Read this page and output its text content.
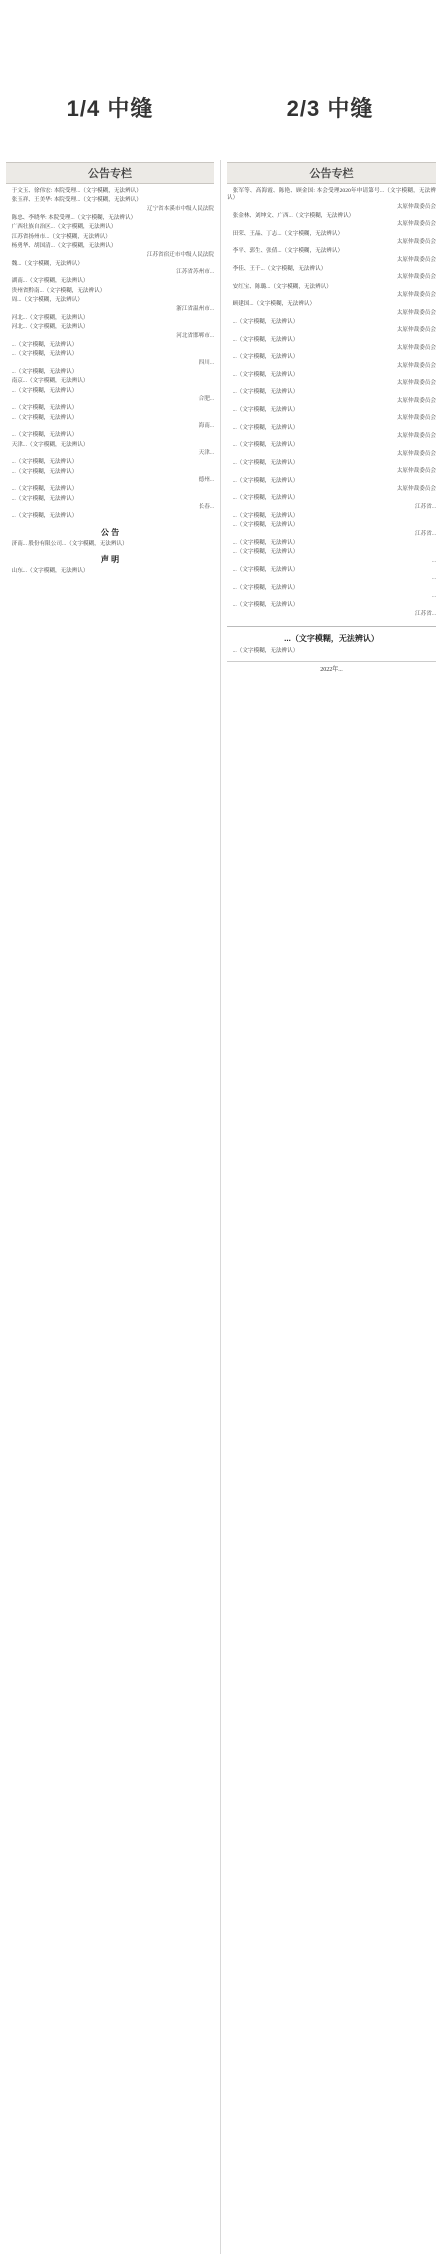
1/4 中缝	2/3 中缝
公告专栏
于文玉、徐伟宏: 本院受理...（文字模糊，无法辨认）
张玉祥、王美华: 本院受理...（文字模糊，无法辨认）
辽宁省本溪市中级人民法院
陈忠、李晓华: 本院受理...（文字模糊，无法辨认）
广西壮族自治区...（文字模糊，无法辨认）
江苏省扬州市...（文字模糊，无法辨认）
杨勇华、胡国清...（文字模糊，无法辨认）
江苏省宿迁市中级人民法院
魏...（文字模糊，无法辨认）
江苏省苏州市...
湖南...（文字模糊，无法辨认）
贵州省黔南...（文字模糊，无法辨认）
周...（文字模糊，无法辨认）
浙江省温州市...
河北...（文字模糊，无法辨认）
河北...（文字模糊，无法辨认）
河北省邯郸市...
...（文字模糊，无法辨认）
...（文字模糊，无法辨认）
四川...
...（文字模糊，无法辨认）
南京...（文字模糊，无法辨认）
...（文字模糊，无法辨认）
合肥...
...（文字模糊，无法辨认）
...（文字模糊，无法辨认）
海南...
...（文字模糊，无法辨认）
天津...（文字模糊，无法辨认）
天津...
...（文字模糊，无法辨认）
...（文字模糊，无法辨认）
德州...
...（文字模糊，无法辨认）
...（文字模糊，无法辨认）
长春...
...（文字模糊，无法辨认）
公 告
济南... 股份有限公司...（文字模糊，无法辨认）
声 明
山东...（文字模糊，无法辨认）
公告专栏
张军等、高海霞、陈艳、顾金国: 本会受理2020年申请第号...（文字模糊，无法辨认）
太原仲裁委员会
张金林、刘坤文、广西...（文字模糊，无法辨认）
太原仲裁委员会
田荣、王晶、丁志...（文字模糊，无法辨认）
太原仲裁委员会
李平、郭生、张倩...（文字模糊，无法辨认）
太原仲裁委员会
李佳、王千...（文字模糊，无法辨认）
太原仲裁委员会
安红宝、陈璐...（文字模糊，无法辨认）
太原仲裁委员会
顾建国...（文字模糊，无法辨认）
太原仲裁委员会
...（文字模糊，无法辨认）
太原仲裁委员会
...（文字模糊，无法辨认）
太原仲裁委员会
...（文字模糊，无法辨认）
太原仲裁委员会
...（文字模糊，无法辨认）
太原仲裁委员会
...（文字模糊，无法辨认）
太原仲裁委员会
...（文字模糊，无法辨认）
太原仲裁委员会
...（文字模糊，无法辨认）
太原仲裁委员会
...（文字模糊，无法辨认）
太原仲裁委员会
...（文字模糊，无法辨认）
太原仲裁委员会
...（文字模糊，无法辨认）
太原仲裁委员会
...（文字模糊，无法辨认）
江苏省...
...（文字模糊，无法辨认）
...（文字模糊，无法辨认）
江苏省...
...（文字模糊，无法辨认）
...（文字模糊，无法辨认）
...
...（文字模糊，无法辨认）
...
...（文字模糊，无法辨认）
...
...（文字模糊，无法辨认）
江苏省...
...（文字模糊，无法辨认）
...（文字模糊，无法辨认）
2022年...
